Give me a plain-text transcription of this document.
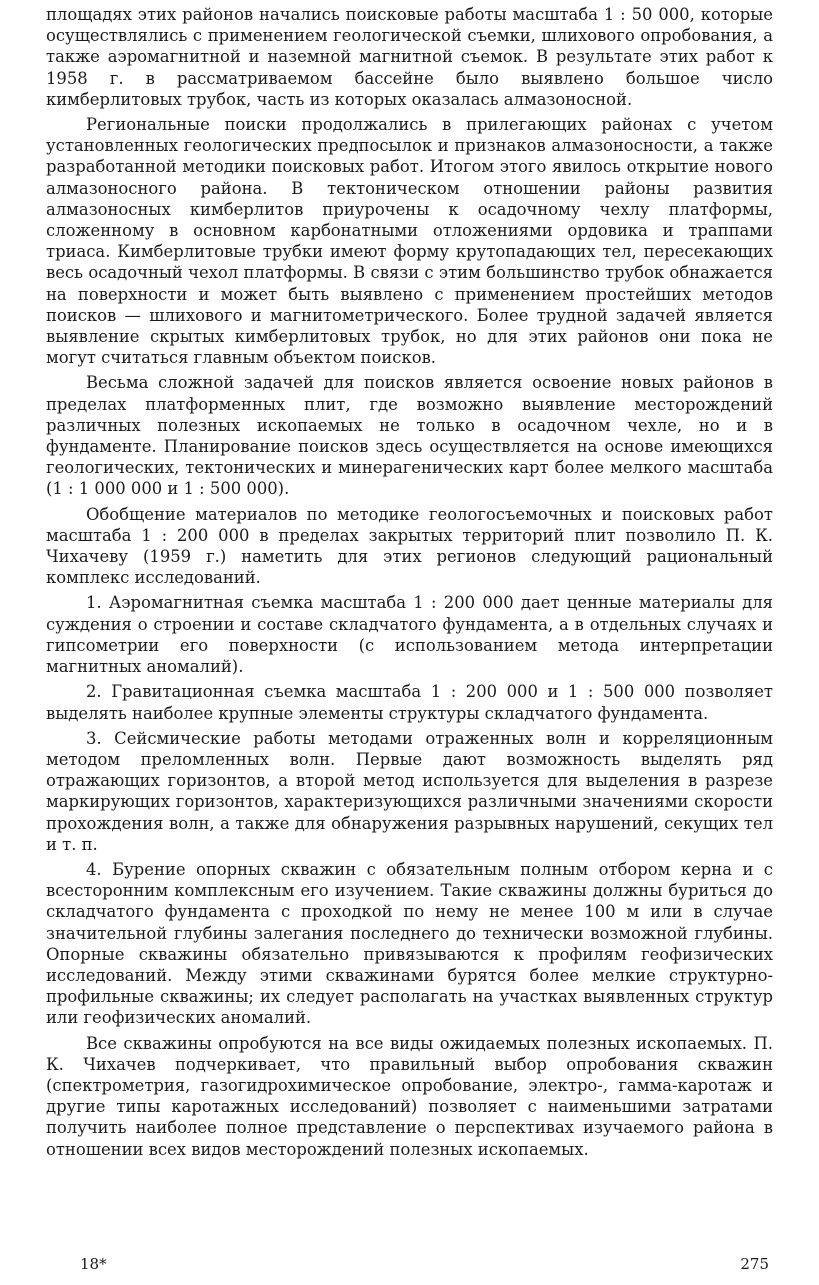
площадях этих районов начались поисковые работы масштаба 1 : 50 000, которые осуществлялись с применением геологической съемки, шлихового опробования, а также аэромагнитной и наземной магнитной съемок. В результате этих работ к 1958 г. в рассматриваемом бассейне было выявлено большое число кимберлитовых трубок, часть из которых оказалась алмазоносной.

Региональные поиски продолжались в прилегающих районах с учетом установленных геологических предпосылок и признаков алмазоносности, а также разработанной методики поисковых работ. Итогом этого явилось открытие нового алмазоносного района. В тектоническом отношении районы развития алмазоносных кимберлитов приурочены к осадочному чехлу платформы, сложенному в основном карбонатными отложениями ордовика и траппами триаса. Кимберлитовые трубки имеют форму крутопадающих тел, пересекающих весь осадочный чехол платформы. В связи с этим большинство трубок обнажается на поверхности и может быть выявлено с применением простейших методов поисков — шлихового и магнитометрического. Более трудной задачей является выявление скрытых кимберлитовых трубок, но для этих районов они пока не могут считаться главным объектом поисков.

Весьма сложной задачей для поисков является освоение новых районов в пределах платформенных плит, где возможно выявление месторождений различных полезных ископаемых не только в осадочном чехле, но и в фундаменте. Планирование поисков здесь осуществляется на основе имеющихся геологических, тектонических и минерагенических карт более мелкого масштаба (1 : 1 000 000 и 1 : 500 000).

Обобщение материалов по методике геологосъемочных и поисковых работ масштаба 1 : 200 000 в пределах закрытых территорий плит позволило П. К. Чихачеву (1959 г.) наметить для этих регионов следующий рациональный комплекс исследований.

1. Аэромагнитная съемка масштаба 1 : 200 000 дает ценные материалы для суждения о строении и составе складчатого фундамента, а в отдельных случаях и гипсометрии его поверхности (с использованием метода интерпретации магнитных аномалий).

2. Гравитационная съемка масштаба 1 : 200 000 и 1 : 500 000 позволяет выделять наиболее крупные элементы структуры складчатого фундамента.

3. Сейсмические работы методами отраженных волн и корреляционным методом преломленных волн. Первые дают возможность выделять ряд отражающих горизонтов, а второй метод используется для выделения в разрезе маркирующих горизонтов, характеризующихся различными значениями скорости прохождения волн, а также для обнаружения разрывных нарушений, секущих тел и т. п.

4. Бурение опорных скважин с обязательным полным отбором керна и с всесторонним комплексным его изучением. Такие скважины должны буриться до складчатого фундамента с проходкой по нему не менее 100 м или в случае значительной глубины залегания последнего до технически возможной глубины. Опорные скважины обязательно привязываются к профилям геофизических исследований. Между этими скважинами бурятся более мелкие структурно-профильные скважины; их следует располагать на участках выявленных структур или геофизических аномалий.

Все скважины опробуются на все виды ожидаемых полезных ископаемых. П. К. Чихачев подчеркивает, что правильный выбор опробования скважин (спектрометрия, газогидрохимическое опробование, электро-, гамма-каротаж и другие типы каротажных исследований) позволяет с наименьшими затратами получить наиболее полное представление о перспективах изучаемого района в отношении всех видов месторождений полезных ископаемых.

18*	275
